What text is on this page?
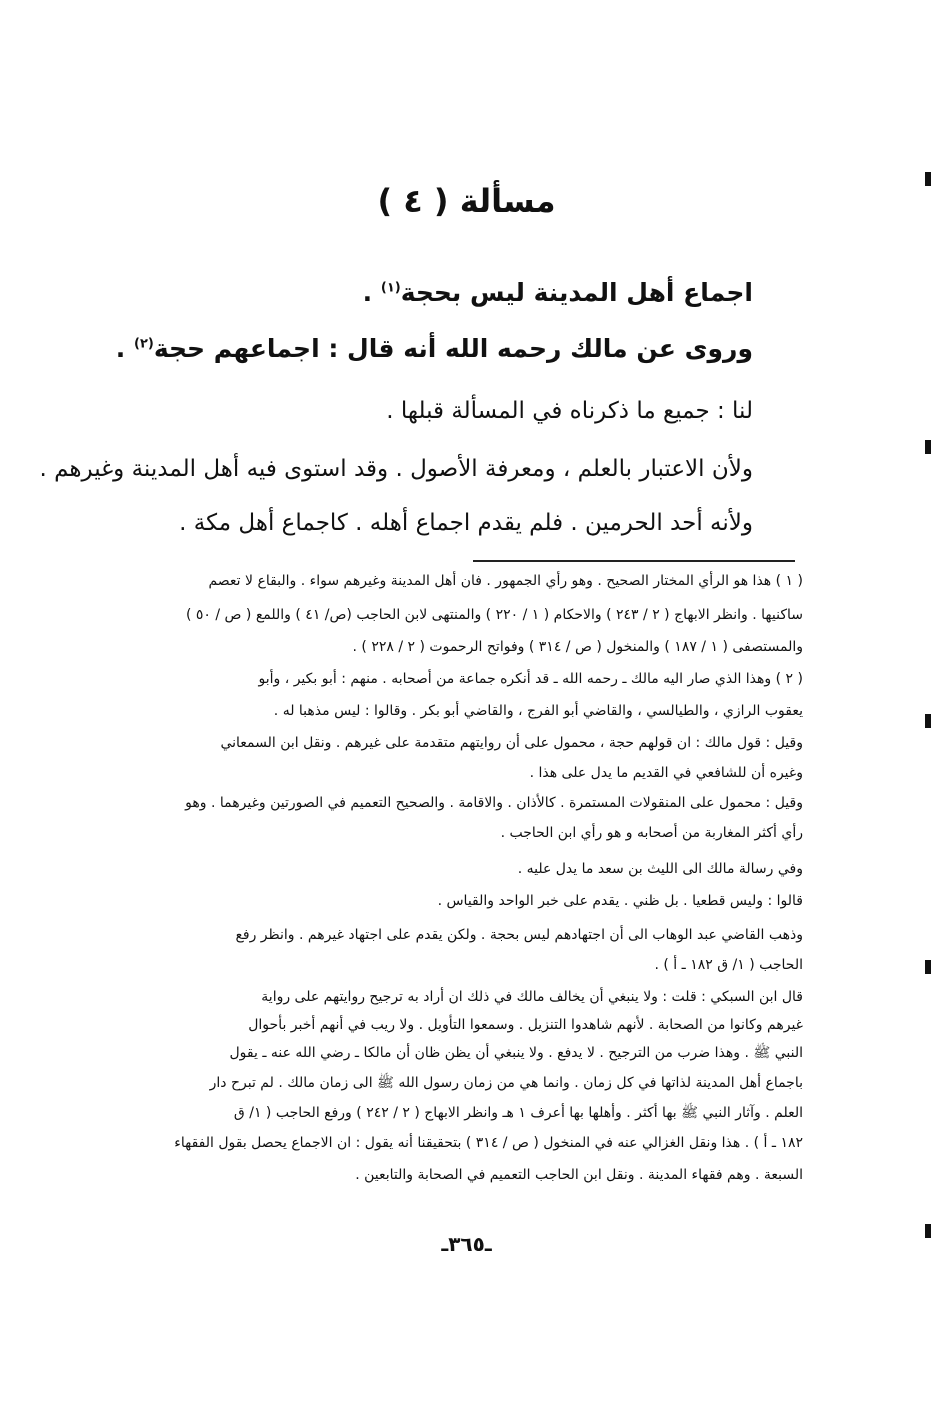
مسألة ( ٤ )
اجماع أهل المدينة ليس بحجة$^{(١)}$ .
وروى عن مالك رحمه الله أنه قال : اجماعهم حجة$^{(٢)}$ .
لنا : جميع ما ذكرناه في المسألة قبلها .
ولأن الاعتبار بالعلم ، ومعرفة الأصول . وقد استوى فيه أهل المدينة وغيرهم .
ولأنه أحد الحرمين . فلم يقدم اجماع أهله . كاجماع أهل مكة .
( ١ ) هذا هو الرأي المختار الصحيح . وهو رأي الجمهور . فان أهل المدينة وغيرهم سواء . والبقاع لا تعصم
ساكنيها . وانظر الابهاج ( ٢ / ٢٤٣ ) والاحكام ( ١ / ٢٢٠ ) والمنتهى لابن الحاجب (ص/ ٤١ ) واللمع ( ص / ٥٠ )
والمستصفى ( ١ / ١٨٧ ) والمنخول ( ص / ٣١٤ ) وفواتح الرحموت ( ٢ / ٢٢٨ ) .
( ٢ ) وهذا الذي صار اليه مالك ـ رحمه الله ـ قد أنكره جماعة من أصحابه . منهم : أبو بكير ، وأبو
يعقوب الرازي ، والطيالسي ، والقاضي أبو الفرج ، والقاضي أبو بكر . وقالوا : ليس مذهبا له .
وقيل : قول مالك : ان قولهم حجة ، محمول على أن روايتهم متقدمة على غيرهم . ونقل ابن السمعاني
وغيره أن للشافعي في القديم ما يدل على هذا .
وقيل : محمول على المنقولات المستمرة . كالأذان . والاقامة . والصحيح التعميم في الصورتين وغيرهما . وهو
رأي أكثر المغاربة من أصحابه و هو رأي ابن الحاجب .
وفي رسالة مالك الى الليث بن سعد ما يدل عليه .
قالوا : وليس قطعيا . بل ظني . يقدم على خبر الواحد والقياس .
وذهب القاضي عبد الوهاب الى أن اجتهادهم ليس بحجة . ولكن يقدم على اجتهاد غيرهم . وانظر رفع
الحاجب ( ١/ ق ١٨٢ ـ أ ) .
قال ابن السبكي : قلت : ولا ينبغي أن يخالف مالك في ذلك ان أراد به ترجيح روايتهم على رواية
غيرهم وكانوا من الصحابة . لأنهم شاهدوا التنزيل . وسمعوا التأويل . ولا ريب في أنهم أخبر بأحوال
النبي ﷺ . وهذا ضرب من الترجيح . لا يدفع . ولا ينبغي أن يظن ظان أن مالكا ـ رضي الله عنه ـ يقول
باجماع أهل المدينة لذاتها في كل زمان . وانما هي من زمان رسول الله ﷺ الى زمان مالك . لم تبرح دار
العلم . وآثار النبي ﷺ بها أكثر . وأهلها بها أعرف ١ هـ وانظر الابهاج ( ٢ / ٢٤٢ ) ورفع الحاجب ( ١/ ق
١٨٢ ـ أ ) . هذا ونقل الغزالي عنه في المنخول ( ص / ٣١٤ ) بتحقيقنا أنه يقول : ان الاجماع يحصل بقول الفقهاء
السبعة . وهم فقهاء المدينة . ونقل ابن الحاجب التعميم في الصحابة والتابعين .
ـ٣٦٥ـ
